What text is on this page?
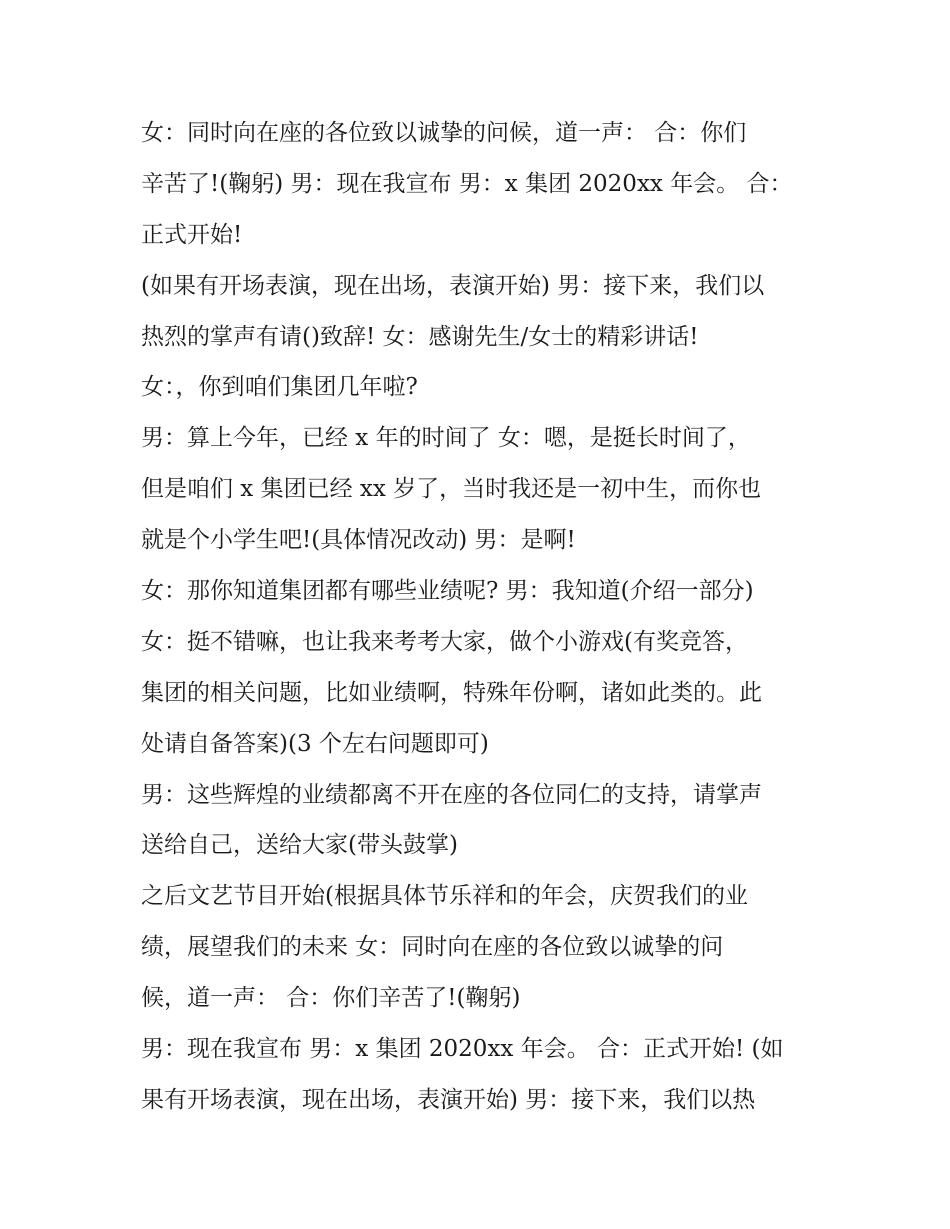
女：同时向在座的各位致以诚挚的问候，道一声： 合：你们
辛苦了!(鞠躬) 男：现在我宣布 男：x 集团 2020xx 年会。 合：
正式开始!
(如果有开场表演，现在出场，表演开始) 男：接下来，我们以
热烈的掌声有请()致辞! 女：感谢先生/女士的精彩讲话!
女：，你到咱们集团几年啦?
男：算上今年，已经 x 年的时间了 女：嗯，是挺长时间了，
但是咱们 x 集团已经 xx 岁了，当时我还是一初中生，而你也
就是个小学生吧!(具体情况改动) 男：是啊!
女：那你知道集团都有哪些业绩呢? 男：我知道(介绍一部分)
女：挺不错嘛，也让我来考考大家，做个小游戏(有奖竞答，
集团的相关问题，比如业绩啊，特殊年份啊，诸如此类的。此
处请自备答案)(3 个左右问题即可)
男：这些辉煌的业绩都离不开在座的各位同仁的支持，请掌声
送给自己，送给大家(带头鼓掌)
之后文艺节目开始(根据具体节乐祥和的年会，庆贺我们的业
绩，展望我们的未来 女：同时向在座的各位致以诚挚的问
候，道一声： 合：你们辛苦了!(鞠躬)
男：现在我宣布 男：x 集团 2020xx 年会。 合：正式开始! (如
果有开场表演，现在出场，表演开始) 男：接下来，我们以热
